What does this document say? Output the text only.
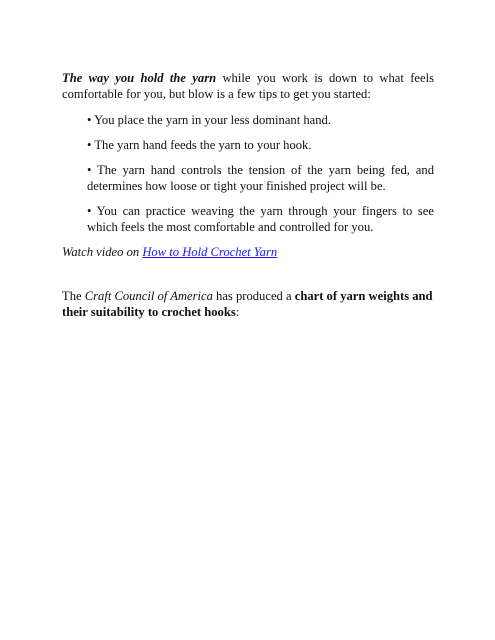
The way you hold the yarn while you work is down to what feels comfortable for you, but blow is a few tips to get you started:

• You place the yarn in your less dominant hand.

• The yarn hand feeds the yarn to your hook.

• The yarn hand controls the tension of the yarn being fed, and determines how loose or tight your finished project will be.

• You can practice weaving the yarn through your fingers to see which feels the most comfortable and controlled for you.

Watch video on How to Hold Crochet Yarn

The Craft Council of America has produced a chart of yarn weights and their suitability to crochet hooks:
